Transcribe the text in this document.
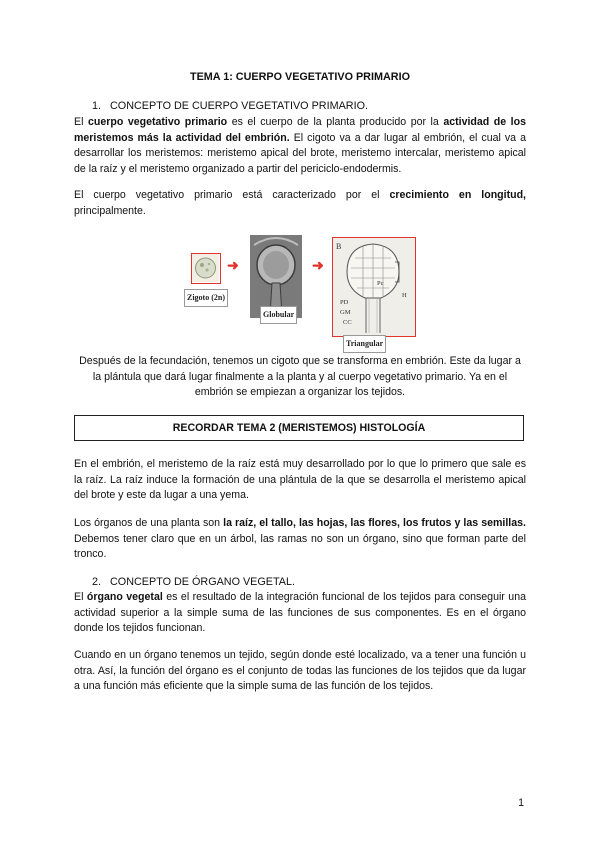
TEMA 1: CUERPO VEGETATIVO PRIMARIO
1.   CONCEPTO DE CUERPO VEGETATIVO PRIMARIO.
El cuerpo vegetativo primario es el cuerpo de la planta producido por la actividad de los meristemos más la actividad del embrión. El cigoto va a dar lugar al embrión, el cual va a desarrollar los meristemos: meristemo apical del brote, meristemo intercalar, meristemo apical de la raíz y el meristemo organizado a partir del periciclo-endodermis.
El cuerpo vegetativo primario está caracterizado por el crecimiento en longitud, principalmente.
Zigoto (2n)
➜
Globular
➜
B
Pc
PD
GM
CC
H
Triangular
Después de la fecundación, tenemos un cigoto que se transforma en embrión. Este da lugar a la plántula que dará lugar finalmente a la planta y al cuerpo vegetativo primario. Ya en el embrión se empiezan a organizar los tejidos.
RECORDAR TEMA 2 (MERISTEMOS) HISTOLOGÍA
En el embrión, el meristemo de la raíz está muy desarrollado por lo que lo primero que sale es la raíz. La raíz induce la formación de una plántula de la que se desarrolla el meristemo apical del brote y este da lugar a una yema.
Los órganos de una planta son la raíz, el tallo, las hojas, las flores, los frutos y las semillas. Debemos tener claro que en un árbol, las ramas no son un órgano, sino que forman parte del tronco.
2.   CONCEPTO DE ÓRGANO VEGETAL.
El órgano vegetal es el resultado de la integración funcional de los tejidos para conseguir una actividad superior a la simple suma de las funciones de sus componentes. Es en el órgano donde los tejidos funcionan.
Cuando en un órgano tenemos un tejido, según donde esté localizado, va a tener una función u otra. Así, la función del órgano es el conjunto de todas las funciones de los tejidos que da lugar a una función más eficiente que la simple suma de las función de los tejidos.
1
